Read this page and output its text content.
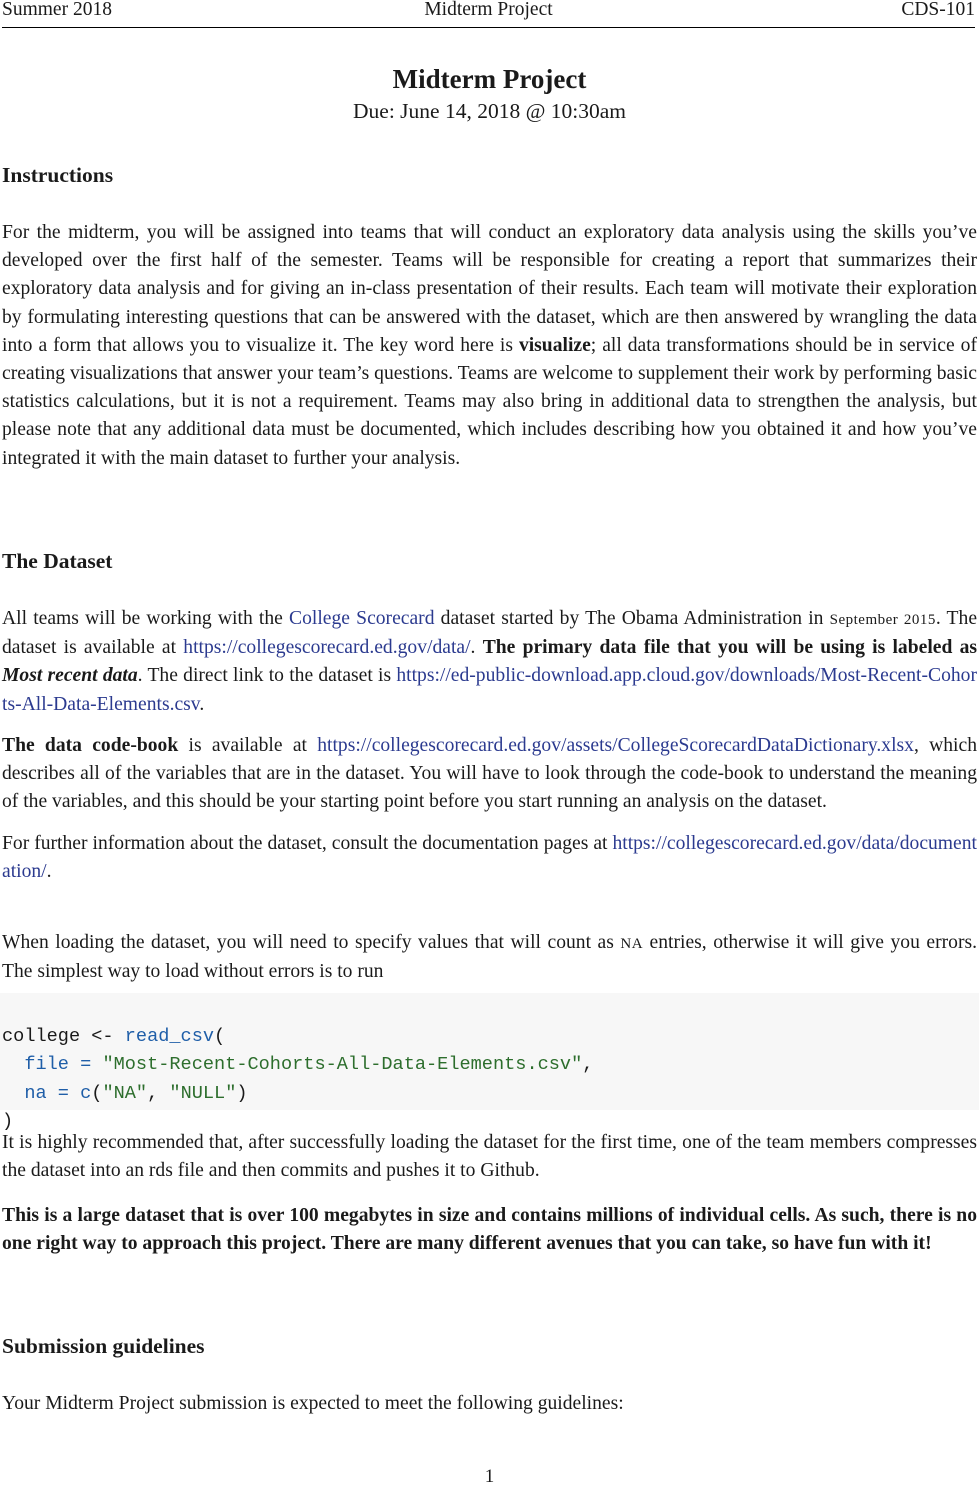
Summer 2018	Midterm Project	CDS-101
Midterm Project
Due: June 14, 2018 @ 10:30am
Instructions

For the midterm, you will be assigned into teams that will conduct an exploratory data analysis using the skills you’ve developed over the first half of the semester. Teams will be responsible for creating a report that summarizes their exploratory data analysis and for giving an in-class presentation of their results. Each team will motivate their exploration by formulating interesting questions that can be answered with the dataset, which are then answered by wrangling the data into a form that allows you to visualize it. The key word here is visualize; all data transformations should be in service of creating visualizations that answer your team’s questions. Teams are welcome to supplement their work by performing basic statistics calculations, but it is not a requirement. Teams may also bring in additional data to strengthen the analysis, but please note that any additional data must be documented, which includes describing how you obtained it and how you’ve integrated it with the main dataset to further your analysis.

The Dataset

All teams will be working with the College Scorecard dataset started by The Obama Administration in September 2015. The dataset is available at https://collegescorecard.ed.gov/data/. The primary data file that you will be using is labeled as Most recent data. The direct link to the dataset is https://ed-public-download.app.cloud.gov/downloads/Most-Recent-Cohorts-All-Data-Elements.csv.

The data code-book is available at https://collegescorecard.ed.gov/assets/CollegeScorecardDataDictionary.xlsx, which describes all of the variables that are in the dataset. You will have to look through the code-book to understand the meaning of the variables, and this should be your starting point before you start running an analysis on the dataset.

For further information about the dataset, consult the documentation pages at https://collegescorecard.ed.gov/data/documentation/.

When loading the dataset, you will need to specify values that will count as NA entries, otherwise it will give you errors. The simplest way to load without errors is to run

college <- read_csv(
file = "Most-Recent-Cohorts-All-Data-Elements.csv",
na = c("NA", "NULL")
)

It is highly recommended that, after successfully loading the dataset for the first time, one of the team members compresses the dataset into an rds file and then commits and pushes it to Github.

This is a large dataset that is over 100 megabytes in size and contains millions of individual cells. As such, there is no one right way to approach this project. There are many different avenues that you can take, so have fun with it!

Submission guidelines

Your Midterm Project submission is expected to meet the following guidelines:

1
